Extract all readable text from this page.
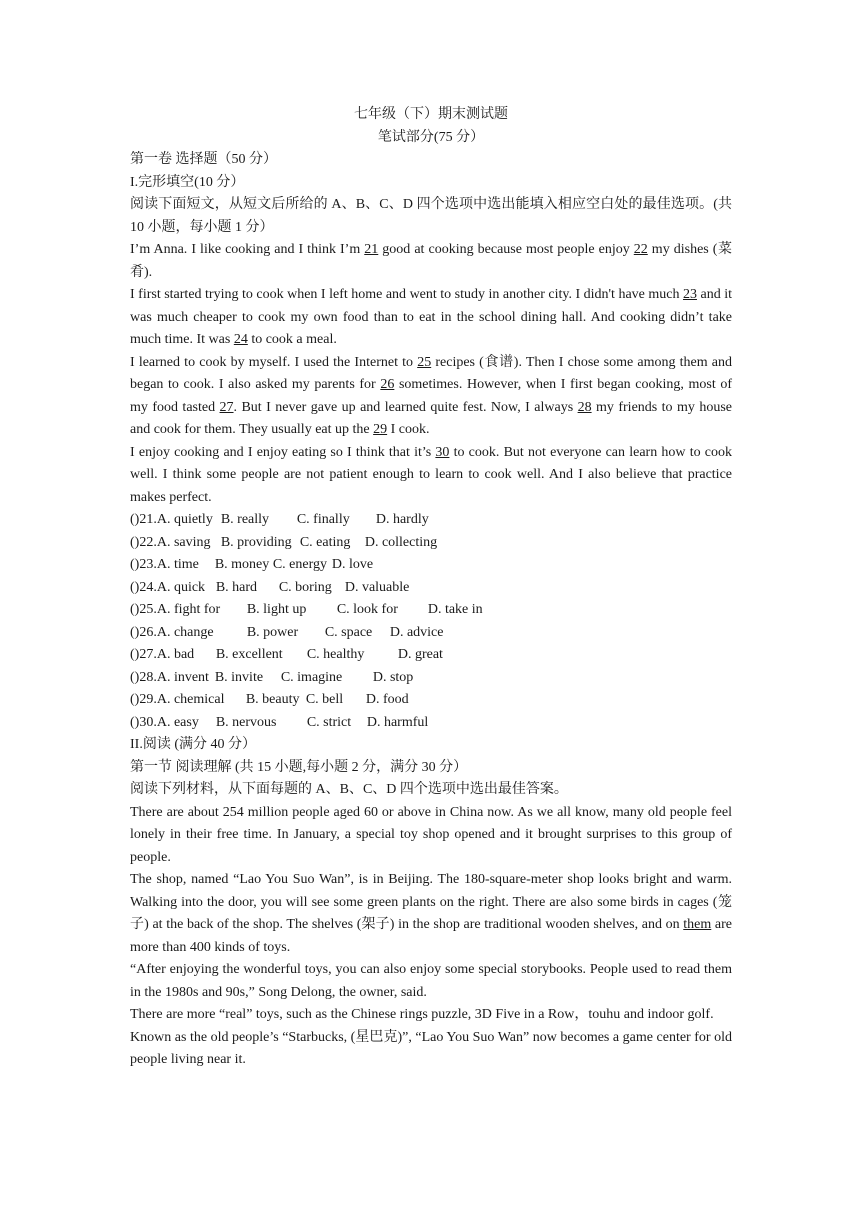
七年级（下）期末测试题
笔试部分(75 分）
第一卷 选择题（50 分）
I.完形填空(10 分）
阅读下面短文，从短文后所给的 A、B、C、D 四个选项中选出能填入相应空白处的最佳选项。(共 10 小题，每小题 1 分）
I’m Anna. I like cooking and I think I’m 21 good at cooking because most people enjoy 22 my dishes (菜肴).
I first started trying to cook when I left home and went to study in another city. I didn't have much 23 and it was much cheaper to cook my own food than to eat in the school dining hall. And cooking didn’t take much time. It was 24 to cook a meal.
I learned to cook by myself. I used the Internet to 25 recipes (食谱). Then I chose some among them and began to cook. I also asked my parents for 26 sometimes. However, when I first began cooking, most of my food tasted 27. But I never gave up and learned quite fest. Now, I always 28 my friends to my house and cook for them. They usually eat up the 29 I cook.
I enjoy cooking and I enjoy eating so I think that it’s 30 to cook. But not everyone can learn how to cook well. I think some people are not patient enough to learn to cook well. And I also believe that practice makes perfect.
()21. A. quietly B. really	C. finally	D. hardly
()22. A. saving B. providing C. eating	D. collecting
()23. A. time	B. money C. energy D. love
()24. A. quick B. hard	C. boring D. valuable
()25. A. fight for	B. light up	C. look for	D. take in
()26. A. change	B. power	C. space	D. advice
()27. A. bad	B. excellent	C. healthy	D. great
()28. A. invent B. invite	C. imagine	D. stop
()29. A. chemical	B. beauty C. bell	D. food
()30. A. easy	B. nervous	C. strict	D. harmful
II.阅读 (满分 40 分）
第一节 阅读理解 (共 15 小题,每小题 2 分，满分 30 分）
阅读下列材料，从下面每题的 A、B、C、D 四个选项中选出最佳答案。
There are about 254 million people aged 60 or above in China now. As we all know, many old people feel lonely in their free time. In January, a special toy shop opened and it brought surprises to this group of people.
The shop, named “Lao You Suo Wan”, is in Beijing. The 180-square-meter shop looks bright and warm. Walking into the door, you will see some green plants on the right. There are also some birds in cages (笼子) at the back of the shop. The shelves (架子) in the shop are traditional wooden shelves, and on them are more than 400 kinds of toys.
“After enjoying the wonderful toys, you can also enjoy some special storybooks. People used to read them in the 1980s and 90s,” Song Delong, the owner, said.
There are more “real” toys, such as the Chinese rings puzzle, 3D Five in a Row，touhu and indoor golf.
Known as the old people’s “Starbucks, (星巴克)”, “Lao You Suo Wan” now becomes a game center for old people living near it.
